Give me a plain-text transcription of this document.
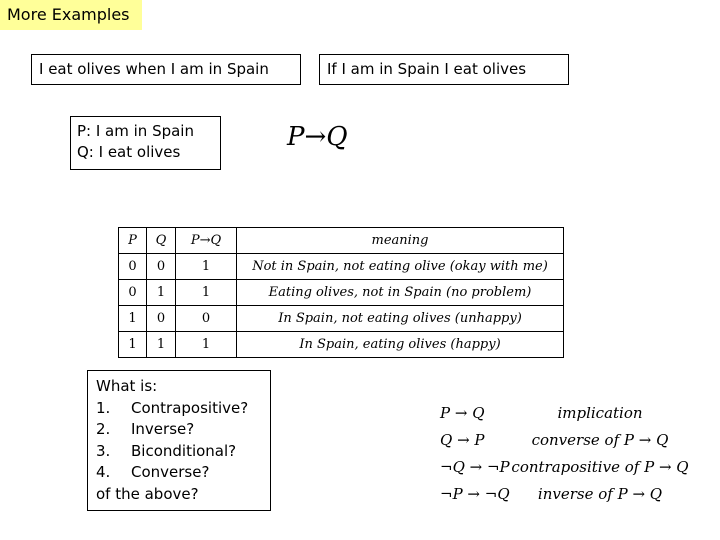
More Examples
I eat olives when I am in Spain	If I am in Spain I eat olives
P: I am in Spain
Q: I eat olives	P→Q
P	Q	P→Q	meaning
0	0	1	Not in Spain, not eating olive (okay with me)
0	1	1	Eating olives, not in Spain (no problem)
1	0	0	In Spain, not eating olives (unhappy)
1	1	1	In Spain, eating olives (happy)
What is:
1. Contrapositive?
2. Inverse?
3. Biconditional?
4. Converse?
of the above?
P → Q	implication
Q → P	converse of P → Q
¬Q → ¬P contrapositive of P → Q
¬P → ¬Q	inverse of P → Q
